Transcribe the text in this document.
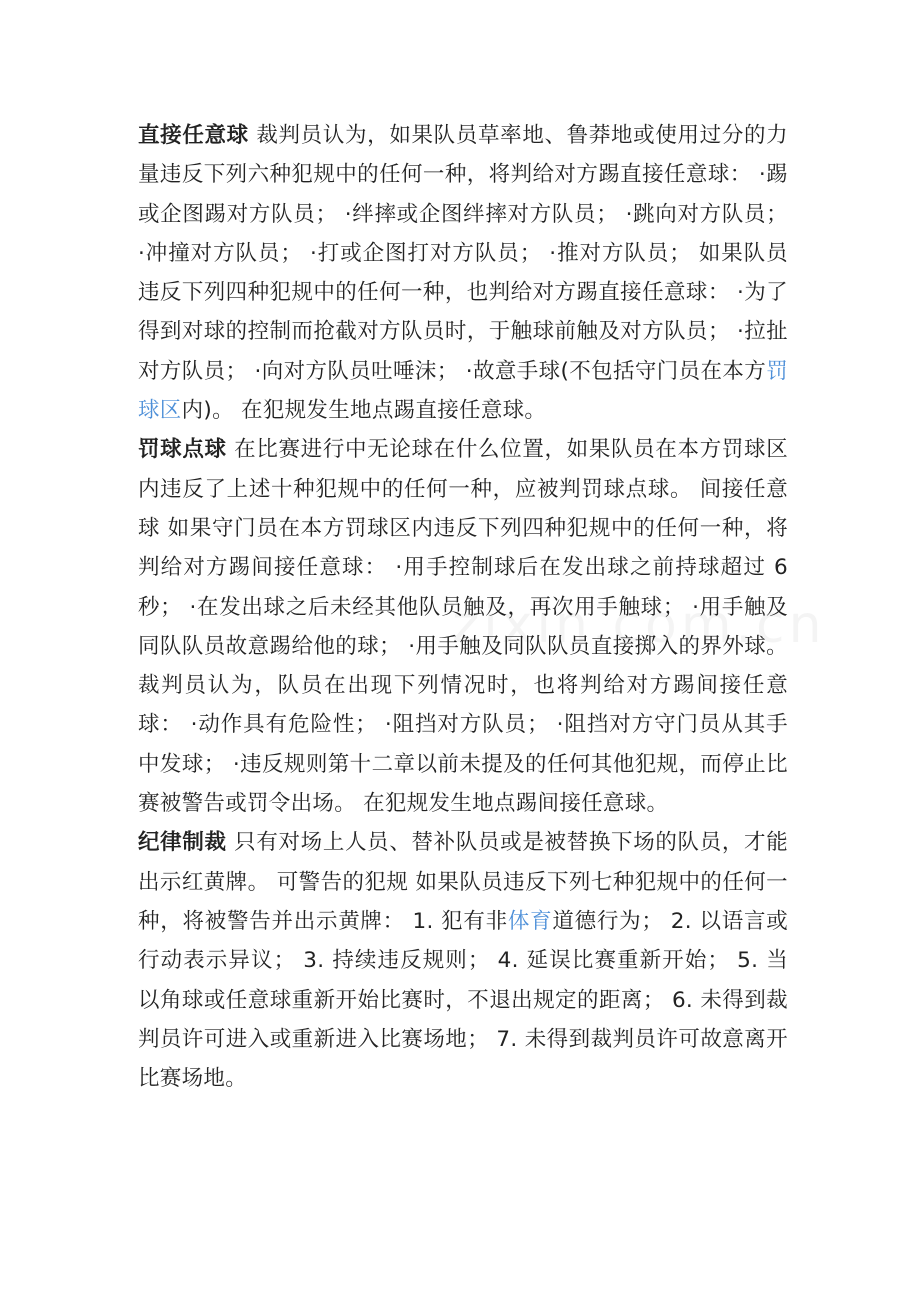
直接任意球 裁判员认为，如果队员草率地、鲁莽地或使用过分的力量违反下列六种犯规中的任何一种，将判给对方踢直接任意球： ·踢或企图踢对方队员； ·绊摔或企图绊摔对方队员； ·跳向对方队员； ·冲撞对方队员； ·打或企图打对方队员； ·推对方队员； 如果队员违反下列四种犯规中的任何一种，也判给对方踢直接任意球： ·为了得到对球的控制而抢截对方队员时，于触球前触及对方队员； ·拉扯对方队员； ·向对方队员吐唾沫； ·故意手球(不包括守门员在本方罚球区内)。 在犯规发生地点踢直接任意球。

罚球点球 在比赛进行中无论球在什么位置，如果队员在本方罚球区内违反了上述十种犯规中的任何一种，应被判罚球点球。 间接任意球 如果守门员在本方罚球区内违反下列四种犯规中的任何一种，将判给对方踢间接任意球： ·用手控制球后在发出球之前持球超过 6 秒； ·在发出球之后未经其他队员触及，再次用手触球； ·用手触及同队队员故意踢给他的球； ·用手触及同队队员直接掷入的界外球。 裁判员认为，队员在出现下列情况时，也将判给对方踢间接任意球： ·动作具有危险性； ·阻挡对方队员； ·阻挡对方守门员从其手中发球； ·违反规则第十二章以前未提及的任何其他犯规，而停止比赛被警告或罚令出场。 在犯规发生地点踢间接任意球。

纪律制裁 只有对场上人员、替补队员或是被替换下场的队员，才能出示红黄牌。 可警告的犯规 如果队员违反下列七种犯规中的任何一种，将被警告并出示黄牌： 1. 犯有非体育道德行为； 2. 以语言或行动表示异议； 3. 持续违反规则； 4. 延误比赛重新开始； 5. 当以角球或任意球重新开始比赛时，不退出规定的距离； 6. 未得到裁判员许可进入或重新进入比赛场地； 7. 未得到裁判员许可故意离开比赛场地。
